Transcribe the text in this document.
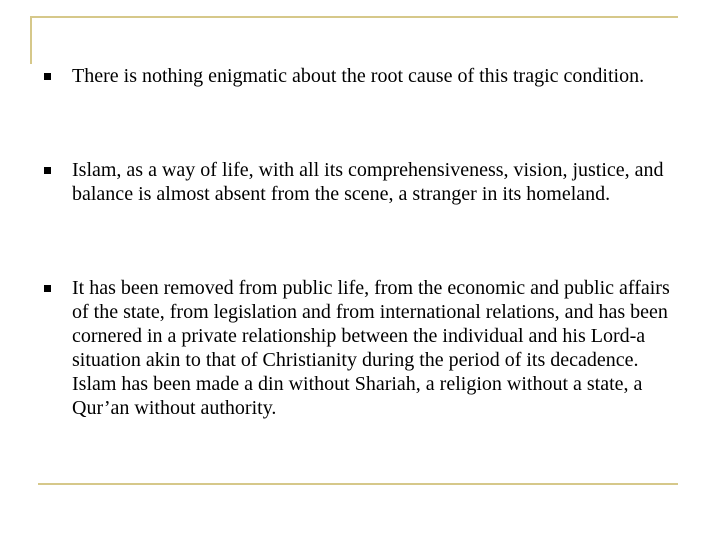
There is nothing enigmatic about the root cause of this tragic condition.
Islam, as a way of life, with all its comprehensiveness, vision, justice, and balance is almost absent from the scene, a stranger in its homeland.
It has been removed from public life, from the economic and public affairs of the state, from legislation and from international relations, and has been cornered in a private relationship between the individual and his Lord-a situation akin to that of Christianity during the period of its decadence. Islam has been made a din without Shariah, a religion without a state, a Qur’an without authority.
